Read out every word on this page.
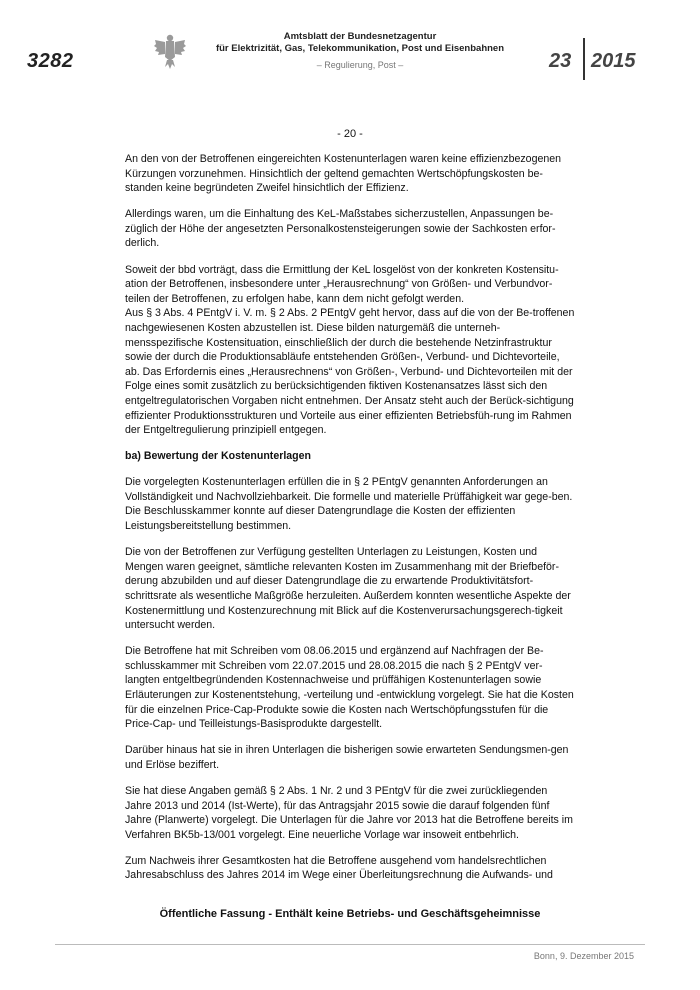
3282
Amtsblatt der Bundesnetzagentur
für Elektrizität, Gas, Telekommunikation, Post und Eisenbahnen
– Regulierung, Post –	23 2015
- 20 -

An den von der Betroffenen eingereichten Kostenunterlagen waren keine effizienzbezogenen Kürzungen vorzunehmen. Hinsichtlich der geltend gemachten Wertschöpfungskosten be-standen keine begründeten Zweifel hinsichtlich der Effizienz.

Allerdings waren, um die Einhaltung des KeL-Maßstabes sicherzustellen, Anpassungen be-züglich der Höhe der angesetzten Personalkostensteigerungen sowie der Sachkosten erfor-derlich.

Soweit der bbd vorträgt, dass die Ermittlung der KeL losgelöst von der konkreten Kostensitu-ation der Betroffenen, insbesondere unter „Herausrechnung“ von Größen- und Verbundvor-teilen der Betroffenen, zu erfolgen habe, kann dem nicht gefolgt werden.

Aus § 3 Abs. 4 PEntgV i. V. m. § 2 Abs. 2 PEntgV geht hervor, dass auf die von der Be-troffenen nachgewiesenen Kosten abzustellen ist. Diese bilden naturgemäß die unterneh-mensspezifische Kostensituation, einschließlich der durch die bestehende Netzinfrastruktur sowie der durch die Produktionsabläufe entstehenden Größen-, Verbund- und Dichtevorteile, ab. Das Erfordernis eines „Herausrechnens“ von Größen-, Verbund- und Dichtevorteilen mit der Folge eines somit zusätzlich zu berücksichtigenden fiktiven Kostenansatzes lässt sich den entgeltregulatorischen Vorgaben nicht entnehmen. Der Ansatz steht auch der Berück-sichtigung effizienter Produktionsstrukturen und Vorteile aus einer effizienten Betriebsfüh-rung im Rahmen der Entgeltregulierung prinzipiell entgegen.

ba) Bewertung der Kostenunterlagen

Die vorgelegten Kostenunterlagen erfüllen die in § 2 PEntgV genannten Anforderungen an Vollständigkeit und Nachvollziehbarkeit. Die formelle und materielle Prüffähigkeit war gege-ben. Die Beschlusskammer konnte auf dieser Datengrundlage die Kosten der effizienten Leistungsbereitstellung bestimmen.

Die von der Betroffenen zur Verfügung gestellten Unterlagen zu Leistungen, Kosten und Mengen waren geeignet, sämtliche relevanten Kosten im Zusammenhang mit der Briefbeför-derung abzubilden und auf dieser Datengrundlage die zu erwartende Produktivitätsfort-schrittsrate als wesentliche Maßgröße herzuleiten. Außerdem konnten wesentliche Aspekte der Kostenermittlung und Kostenzurechnung mit Blick auf die Kostenverursachungsgerech-tigkeit untersucht werden.

Die Betroffene hat mit Schreiben vom 08.06.2015 und ergänzend auf Nachfragen der Be-schlusskammer mit Schreiben vom 22.07.2015 und 28.08.2015 die nach § 2 PEntgV ver-langten entgeltbegründenden Kostennachweise und prüffähigen Kostenunterlagen sowie Erläuterungen zur Kostenentstehung, -verteilung und -entwicklung vorgelegt. Sie hat die Kosten für die einzelnen Price-Cap-Produkte sowie die Kosten nach Wertschöpfungsstufen für die Price-Cap- und Teilleistungs-Basisprodukte dargestellt.

Darüber hinaus hat sie in ihren Unterlagen die bisherigen sowie erwarteten Sendungsmen-gen und Erlöse beziffert.

Sie hat diese Angaben gemäß § 2 Abs. 1 Nr. 2 und 3 PEntgV für die zwei zurückliegenden Jahre 2013 und 2014 (Ist-Werte), für das Antragsjahr 2015 sowie die darauf folgenden fünf Jahre (Planwerte) vorgelegt. Die Unterlagen für die Jahre vor 2013 hat die Betroffene bereits im Verfahren BK5b-13/001 vorgelegt. Eine neuerliche Vorlage war insoweit entbehrlich.

Zum Nachweis ihrer Gesamtkosten hat die Betroffene ausgehend vom handelsrechtlichen Jahresabschluss des Jahres 2014 im Wege einer Überleitungsrechnung die Aufwands- und

Öffentliche Fassung - Enthält keine Betriebs- und Geschäftsgeheimnisse
Bonn, 9. Dezember 2015
